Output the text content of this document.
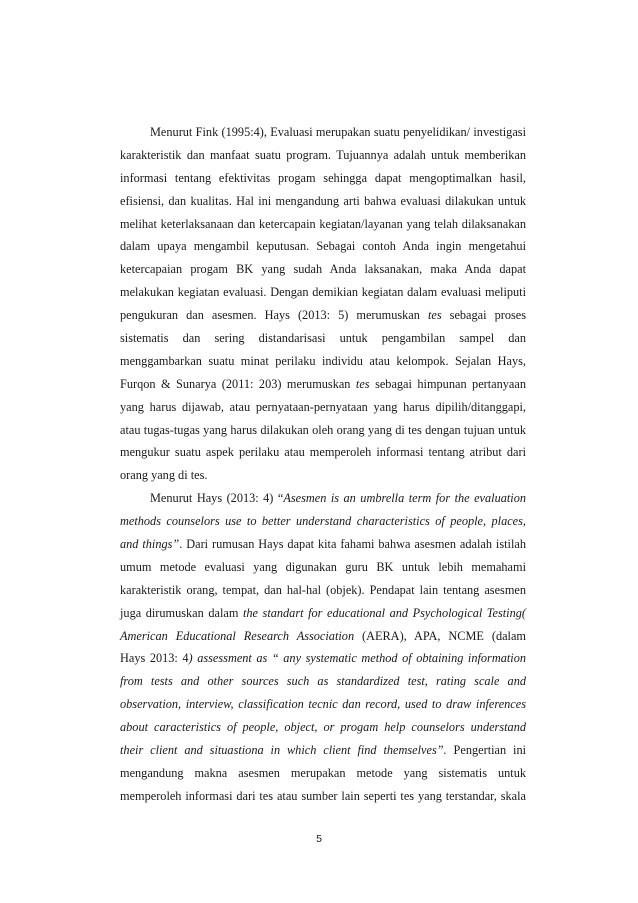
Menurut Fink (1995:4), Evaluasi merupakan suatu penyelidikan/ investigasi
karakteristik dan manfaat suatu program. Tujuannya adalah untuk memberikan
informasi tentang efektivitas progam sehingga dapat mengoptimalkan hasil,
efisiensi, dan kualitas. Hal ini mengandung arti bahwa evaluasi dilakukan untuk
melihat keterlaksanaan dan ketercapain kegiatan/layanan yang telah dilaksanakan
dalam upaya mengambil keputusan. Sebagai contoh Anda ingin mengetahui
ketercapaian progam BK yang sudah Anda laksanakan, maka Anda dapat
melakukan kegiatan evaluasi. Dengan demikian kegiatan dalam evaluasi meliputi
pengukuran dan asesmen. Hays (2013: 5) merumuskan tes sebagai proses
sistematis dan sering distandarisasi untuk pengambilan sampel dan
menggambarkan suatu minat perilaku individu atau kelompok. Sejalan Hays,
Furqon & Sunarya (2011: 203) merumuskan tes sebagai himpunan pertanyaan
yang harus dijawab, atau pernyataan-pernyataan yang harus dipilih/ditanggapi,
atau tugas-tugas yang harus dilakukan oleh orang yang di tes dengan tujuan untuk
mengukur suatu aspek perilaku atau memperoleh informasi tentang atribut dari
orang yang di tes.
Menurut Hays (2013: 4) “Asesmen is an umbrella term for the evaluation
methods counselors use to better understand characteristics of people, places,
and things”. Dari rumusan Hays dapat kita fahami bahwa asesmen adalah istilah
umum metode evaluasi yang digunakan guru BK untuk lebih memahami
karakteristik orang, tempat, dan hal-hal (objek). Pendapat lain tentang asesmen
juga dirumuskan dalam the standart for educational and Psychological Testing(
American Educational Research Association (AERA), APA, NCME (dalam
Hays 2013: 4) assessment as “ any systematic method of obtaining information
from tests and other sources such as standardized test, rating scale and
observation, interview, classification tecnic dan record, used to draw inferences
about caracteristics of people, object, or progam help counselors understand
their client and situastiona in which client find themselves”. Pengertian ini
mengandung makna asesmen merupakan metode yang sistematis untuk
memperoleh informasi dari tes atau sumber lain seperti tes yang terstandar, skala
5
